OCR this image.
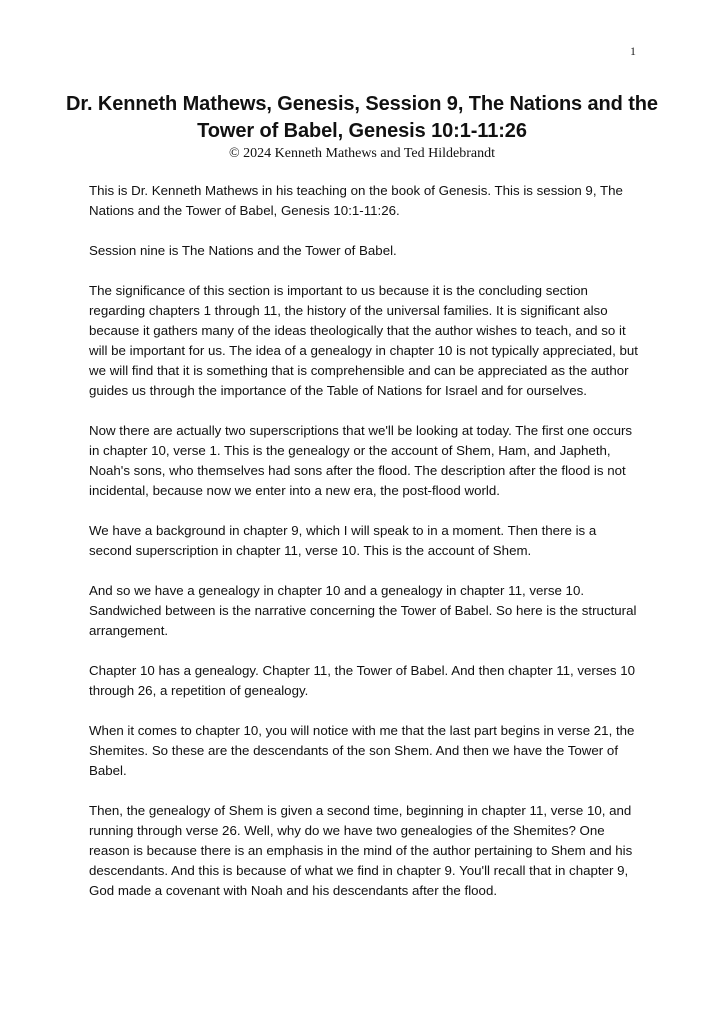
1
Dr. Kenneth Mathews, Genesis, Session 9, The Nations and the Tower of Babel, Genesis 10:1-11:26

© 2024 Kenneth Mathews and Ted Hildebrandt

This is Dr. Kenneth Mathews in his teaching on the book of Genesis. This is session 9, The Nations and the Tower of Babel, Genesis 10:1-11:26.

Session nine is The Nations and the Tower of Babel.

The significance of this section is important to us because it is the concluding section regarding chapters 1 through 11, the history of the universal families. It is significant also because it gathers many of the ideas theologically that the author wishes to teach, and so it will be important for us. The idea of a genealogy in chapter 10 is not typically appreciated, but we will find that it is something that is comprehensible and can be appreciated as the author guides us through the importance of the Table of Nations for Israel and for ourselves.

Now there are actually two superscriptions that we'll be looking at today. The first one occurs in chapter 10, verse 1. This is the genealogy or the account of Shem, Ham, and Japheth, Noah's sons, who themselves had sons after the flood. The description after the flood is not incidental, because now we enter into a new era, the post-flood world.

We have a background in chapter 9, which I will speak to in a moment. Then there is a second superscription in chapter 11, verse 10. This is the account of Shem.

And so we have a genealogy in chapter 10 and a genealogy in chapter 11, verse 10. Sandwiched between is the narrative concerning the Tower of Babel. So here is the structural arrangement.

Chapter 10 has a genealogy. Chapter 11, the Tower of Babel. And then chapter 11, verses 10 through 26, a repetition of genealogy.

When it comes to chapter 10, you will notice with me that the last part begins in verse 21, the Shemites. So these are the descendants of the son Shem. And then we have the Tower of Babel.

Then, the genealogy of Shem is given a second time, beginning in chapter 11, verse 10, and running through verse 26. Well, why do we have two genealogies of the Shemites? One reason is because there is an emphasis in the mind of the author pertaining to Shem and his descendants. And this is because of what we find in chapter 9. You'll recall that in chapter 9, God made a covenant with Noah and his descendants after the flood.
